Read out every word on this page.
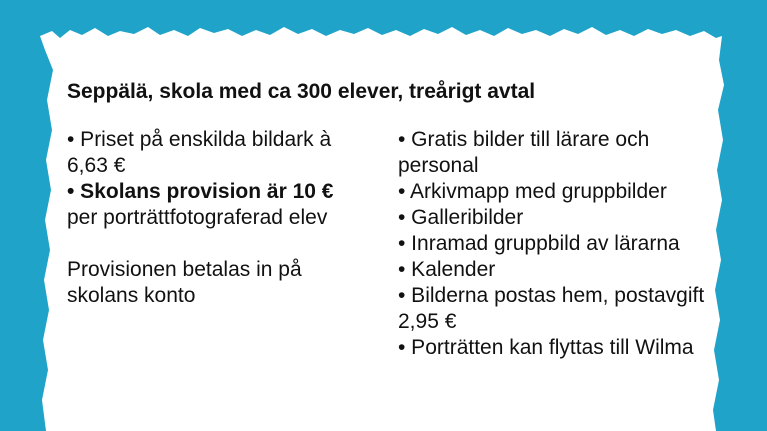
Seppälä, skola med ca 300 elever, treårigt avtal

• Priset på enskilda bildark à 6,63 €

• Skolans provision är 10 €
per porträttfotograferad elev

Provisionen betalas in på skolans konto

• Gratis bilder till lärare och personal

• Arkivmapp med gruppbilder

• Galleribilder

• Inramad gruppbild av lärarna

• Kalender

• Bilderna postas hem, postavgift 2,95 €

• Porträtten kan flyttas till Wilma
